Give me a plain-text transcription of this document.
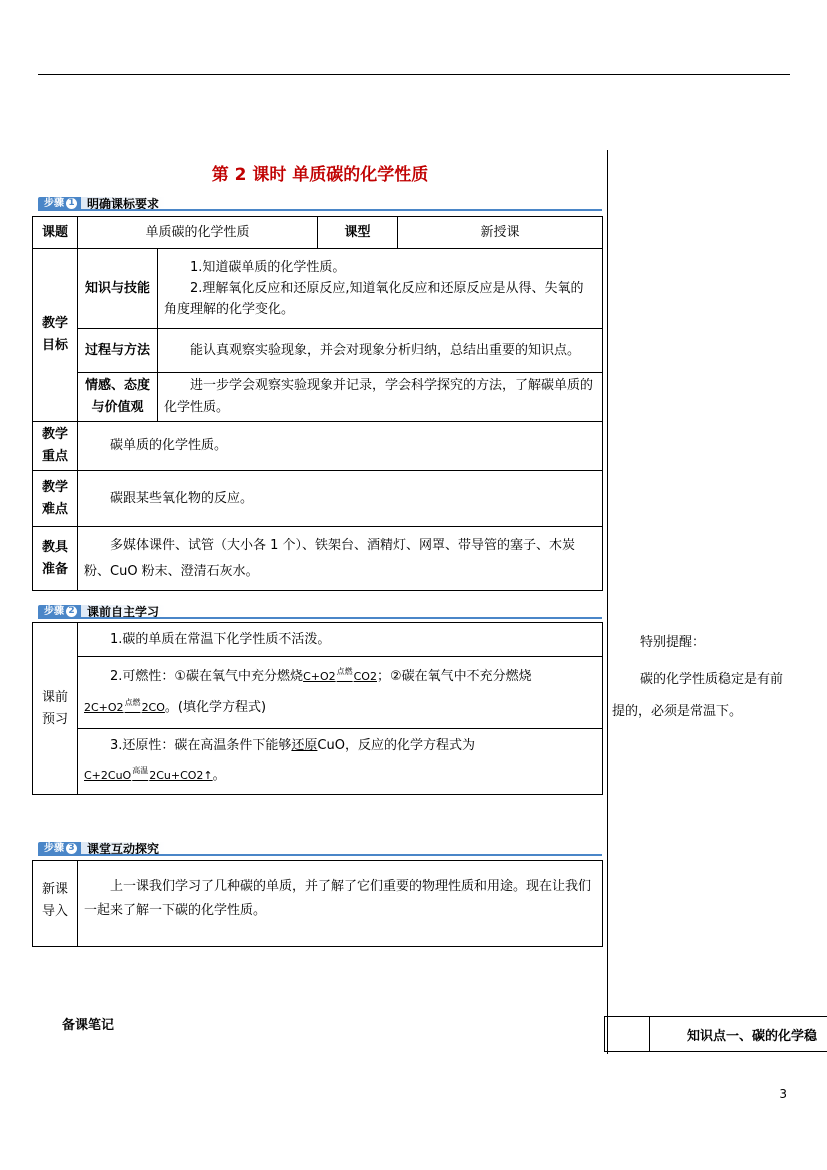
第 2 课时 单质碳的化学性质
步骤 1	明确课标要求
课题	单质碳的化学性质		课型	新授课
教学目标	知识与技能	1.知道碳单质的化学性质。
2.理解氧化反应和还原反应,知道氧化反应和还原反应是从得、失氧的角度理解的化学变化。		

	过程与方法	能认真观察实验现象，并会对现象分析归纳，总结出重要的知识点。		
	情感、态度与价值观	进一步学会观察实验现象并记录，学会科学探究的方法，了解碳单质的化学性质。		
教学重点	碳单质的化学性质。			
教学难点	碳跟某些氧化物的反应。			
教具准备	多媒体课件、试管（大小各 1 个）、铁架台、酒精灯、网罩、带导管的塞子、木炭粉、CuO 粉末、澄清石灰水。			
步骤 2	课前自主学习
课前预习	1.碳的单质在常温下化学性质不活泼。

2.可燃性：①碳在氧气中充分燃烧$C+O2^{点燃}CO2$；②碳在氧气中不充分燃烧
$2C+O2^{点燃}2CO$。(填化学方程式)

3.还原性：碳在高温条件下能够还原CuO，反应的化学方程式为
C+2CuO$^{高温}$2Cu+CO2↑。
步骤 3	课堂互动探究
新课导入	上一课我们学习了几种碳的单质，并了解了它们重要的物理性质和用途。现在让我们一起来了解一下碳的化学性质。
特别提醒：
碳的化学性质稳定是有前提的，必须是常温下。
备课笔记
知识点一、碳的化学稳
3
